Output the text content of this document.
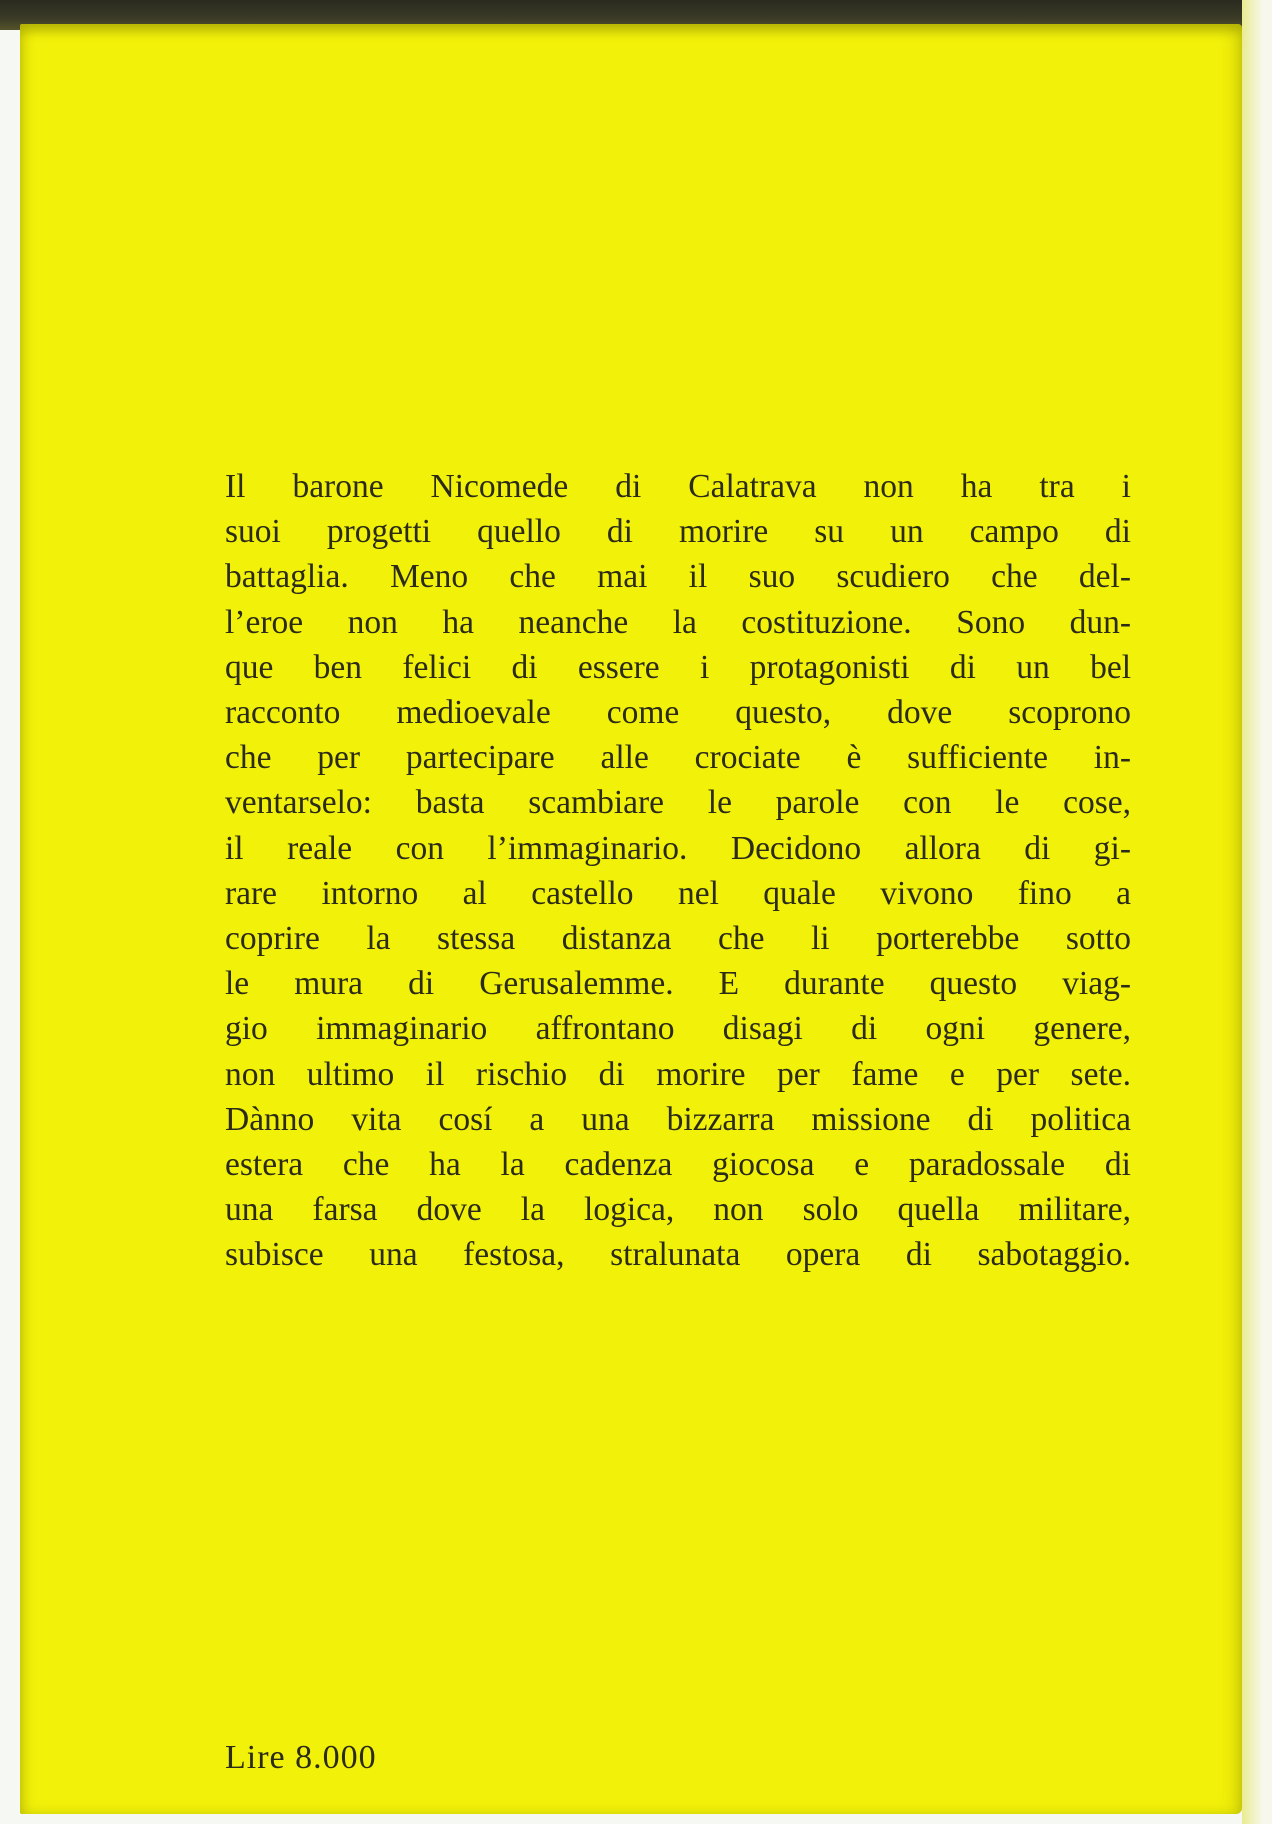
Il barone Nicomede di Calatrava non ha tra i
suoi progetti quello di morire su un campo di
battaglia. Meno che mai il suo scudiero che del-
l’eroe non ha neanche la costituzione. Sono dun-
que ben felici di essere i protagonisti di un bel
racconto medioevale come questo, dove scoprono
che per partecipare alle crociate è sufficiente in-
ventarselo: basta scambiare le parole con le cose,
il reale con l’immaginario. Decidono allora di gi-
rare intorno al castello nel quale vivono fino a
coprire la stessa distanza che li porterebbe sotto
le mura di Gerusalemme. E durante questo viag-
gio immaginario affrontano disagi di ogni genere,
non ultimo il rischio di morire per fame e per sete.
Dànno vita cosí a una bizzarra missione di politica
estera che ha la cadenza giocosa e paradossale di
una farsa dove la logica, non solo quella militare,
subisce una festosa, stralunata opera di sabotaggio.

Lire 8.000
